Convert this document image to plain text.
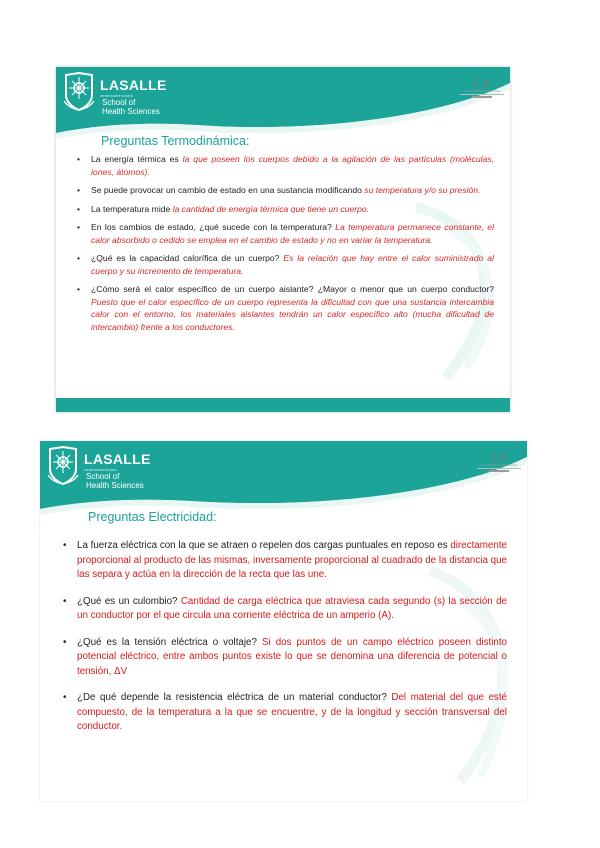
LASALLE
centroamericana
School of
Health Sciences
LA
UNIVERSIDAD NACIONAL
Preguntas Termodinámica:
• La energía térmica es la que poseen los cuerpos debido a la agitación de las partículas (moléculas, iones, átomos).
• Se puede provocar un cambio de estado en una sustancia modificando su temperatura y/o su presión.
• La temperatura mide la cantidad de energía térmica que tiene un cuerpo.
• En los cambios de estado, ¿qué sucede con la temperatura? La temperatura permanece constante, el calor absorbido o cedido se emplea en el cambio de estado y no en variar la temperatura.
• ¿Qué es la capacidad calorífica de un cuerpo? Es la relación que hay entre el calor suministrado al cuerpo y su incremento de temperatura.
• ¿Cómo será el calor específico de un cuerpo aislante? ¿Mayor o menor que un cuerpo conductor? Puesto que el calor específico de un cuerpo representa la dificultad con que una sustancia intercambia calor con el entorno, los materiales aislantes tendrán un calor específico alto (mucha dificultad de intercambio) frente a los conductores.
LASALLE
centroamericana
School of
Health Sciences
LA
UNIVERSIDAD NACIONAL
Preguntas Electricidad:
• La fuerza eléctrica con la que se atraen o repelen dos cargas puntuales en reposo es directamente proporcional al producto de las mismas, inversamente proporcional al cuadrado de la distancia que las separa y actúa en la dirección de la recta que las une.
• ¿Qué es un culombio? Cantidad de carga eléctrica que atraviesa cada segundo (s) la sección de un conductor por el que circula una corriente eléctrica de un amperio (A).
• ¿Qué es la tensión eléctrica o voltaje? Si dos puntos de un campo eléctrico poseen distinto potencial eléctrico, entre ambos puntos existe lo que se denomina una diferencia de potencial o tensión, ΔV
• ¿De qué depende la resistencia eléctrica de un material conductor? Del material del que esté compuesto, de la temperatura a la que se encuentre, y de la longitud y sección transversal del conductor.
